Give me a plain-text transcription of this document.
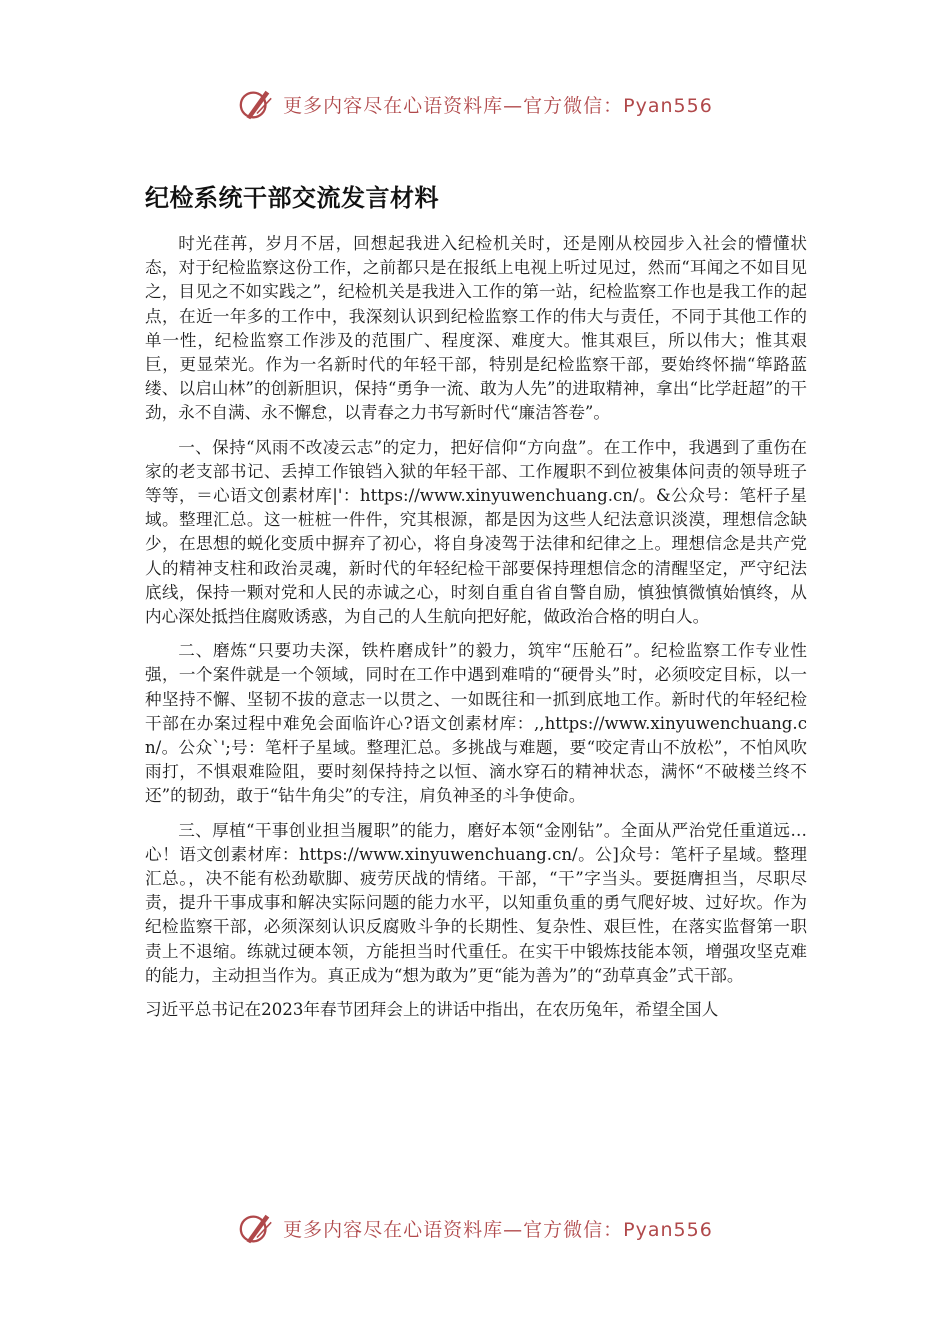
更多内容尽在心语资料库—官方微信：Pyan556
纪检系统干部交流发言材料

时光荏苒，岁月不居，回想起我进入纪检机关时，还是刚从校园步入社会的懵懂状态，对于纪检监察这份工作，之前都只是在报纸上电视上听过见过，然而“耳闻之不如目见之，目见之不如实践之”，纪检机关是我进入工作的第一站，纪检监察工作也是我工作的起点，在近一年多的工作中，我深刻认识到纪检监察工作的伟大与责任，不同于其他工作的单一性，纪检监察工作涉及的范围广、程度深、难度大。惟其艰巨，所以伟大；惟其艰巨，更显荣光。作为一名新时代的年轻干部，特别是纪检监察干部，要始终怀揣“筚路蓝缕、以启山林”的创新胆识，保持“勇争一流、敢为人先”的进取精神，拿出“比学赶超”的干劲，永不自满、永不懈怠，以青春之力书写新时代“廉洁答卷”。

一、保持“风雨不改凌云志”的定力，把好信仰“方向盘”。在工作中，我遇到了重伤在家的老支部书记、丢掉工作锒铛入狱的年轻干部、工作履职不到位被集体问责的领导班子等等，＝心语文创素材库|'：https://www.xinyuwenchuang.cn/。&公众号：笔杆子星域。整理汇总。这一桩桩一件件，究其根源，都是因为这些人纪法意识淡漠，理想信念缺少，在思想的蜕化变质中摒弃了初心，将自身凌驾于法律和纪律之上。理想信念是共产党人的精神支柱和政治灵魂，新时代的年轻纪检干部要保持理想信念的清醒坚定，严守纪法底线，保持一颗对党和人民的赤诚之心，时刻自重自省自警自励，慎独慎微慎始慎终，从内心深处抵挡住腐败诱惑，为自己的人生航向把好舵，做政治合格的明白人。

二、磨炼“只要功夫深，铁杵磨成针”的毅力，筑牢“压舱石”。纪检监察工作专业性强，一个案件就是一个领域，同时在工作中遇到难啃的“硬骨头”时，必须咬定目标，以一种坚持不懈、坚韧不拔的意志一以贯之、一如既往和一抓到底地工作。新时代的年轻纪检干部在办案过程中难免会面临许心?语文创素材库：,,https://www.xinyuwenchuang.cn/。公众`';号：笔杆子星域。整理汇总。多挑战与难题，要“咬定青山不放松”，不怕风吹雨打，不惧艰难险阻，要时刻保持持之以恒、滴水穿石的精神状态，满怀“不破楼兰终不还”的韧劲，敢于“钻牛角尖”的专注，肩负神圣的斗争使命。

三、厚植“干事创业担当履职”的能力，磨好本领“金刚钻”。全面从严治党任重道远…心！语文创素材库：https://www.xinyuwenchuang.cn/。公]众号：笔杆子星域。整理汇总。，决不能有松劲歇脚、疲劳厌战的情绪。干部，“干”字当头。要挺膺担当，尽职尽责，提升干事成事和解决实际问题的能力水平，以知重负重的勇气爬好坡、过好坎。作为纪检监察干部，必须深刻认识反腐败斗争的长期性、复杂性、艰巨性，在落实监督第一职责上不退缩。练就过硬本领，方能担当时代重任。在实干中锻炼技能本领，增强攻坚克难的能力，主动担当作为。真正成为“想为敢为”更“能为善为”的“劲草真金”式干部。

习近平总书记在2023年春节团拜会上的讲话中指出，在农历兔年，希望全国人

更多内容尽在心语资料库—官方微信：Pyan556
